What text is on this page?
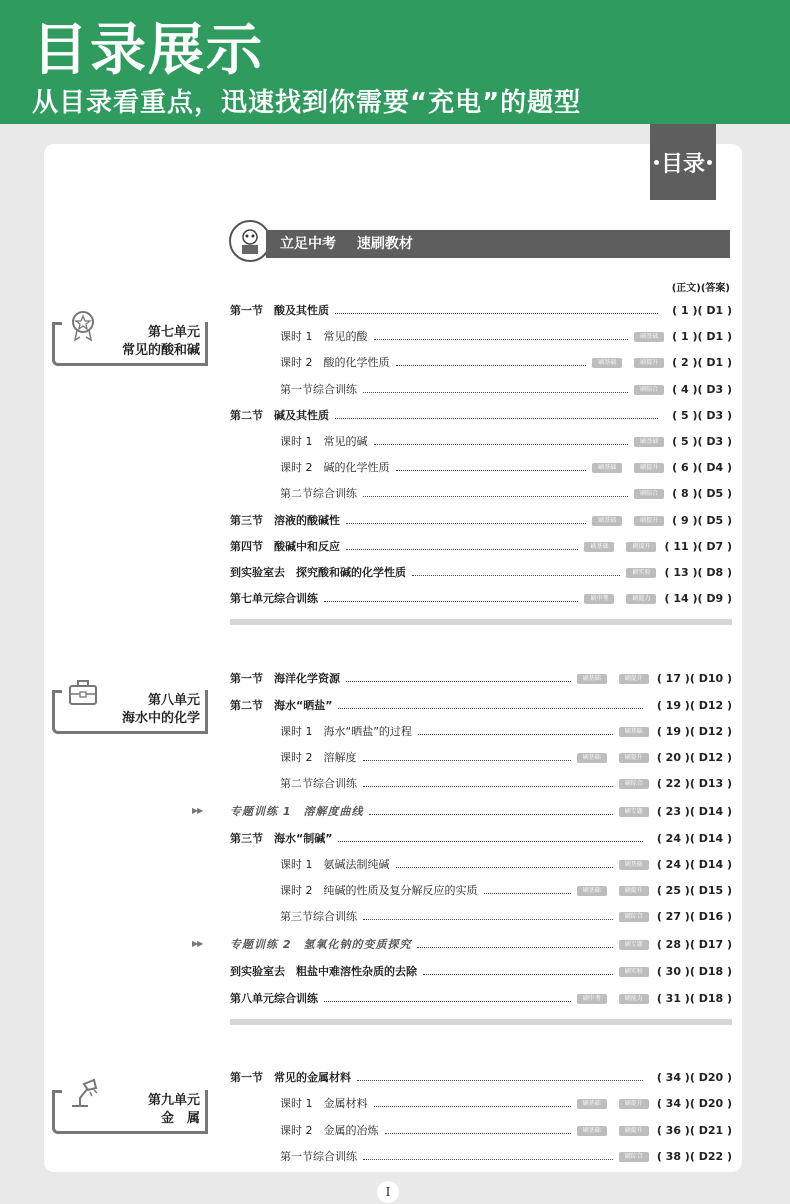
目录展示
从目录看重点，迅速找到你需要“充电”的题型
目录
立足中考 速刷教材
(正文)(答案)
第七单元
常见的酸和碱
第八单元
海水中的化学
第九单元
金　属
▶▶
▶▶
第一节　酸及其性质	( 1 )( D1 )
课时 1　常见的酸	刷基础	( 1 )( D1 )
课时 2　酸的化学性质	刷基础	刷提升	( 2 )( D1 )
第一节综合训练	刷综合	( 4 )( D3 )
第二节　碱及其性质	( 5 )( D3 )
课时 1　常见的碱	刷基础	( 5 )( D3 )
课时 2　碱的化学性质	刷基础	刷提升	( 6 )( D4 )
第二节综合训练	刷综合	( 8 )( D5 )
第三节　溶液的酸碱性	刷基础	刷提升	( 9 )( D5 )
第四节　酸碱中和反应	刷基础	刷提升	( 11 )( D7 )
到实验室去　探究酸和碱的化学性质	刷实验	( 13 )( D8 )
第七单元综合训练	刷中考	刷能力	( 14 )( D9 )
第一节　海洋化学资源	刷基础	刷提升	( 17 )( D10 )
第二节　海水“晒盐”	( 19 )( D12 )
课时 1　海水“晒盐”的过程	刷基础	( 19 )( D12 )
课时 2　溶解度	刷基础	刷提升	( 20 )( D12 )
第二节综合训练	刷综合	( 22 )( D13 )
专题训练 1　溶解度曲线	刷专题	( 23 )( D14 )
第三节　海水“制碱”	( 24 )( D14 )
课时 1　氨碱法制纯碱	刷基础	( 24 )( D14 )
课时 2　纯碱的性质及复分解反应的实质	刷基础	刷提升	( 25 )( D15 )
第三节综合训练	刷综合	( 27 )( D16 )
专题训练 2　氢氧化钠的变质探究	刷专题	( 28 )( D17 )
到实验室去　粗盐中难溶性杂质的去除	刷实验	( 30 )( D18 )
第八单元综合训练	刷中考	刷能力	( 31 )( D18 )
第一节　常见的金属材料	( 34 )( D20 )
课时 1　金属材料	刷基础	刷提升	( 34 )( D20 )
课时 2　金属的冶炼	刷基础	刷提升	( 36 )( D21 )
第一节综合训练	刷综合	( 38 )( D22 )
I
